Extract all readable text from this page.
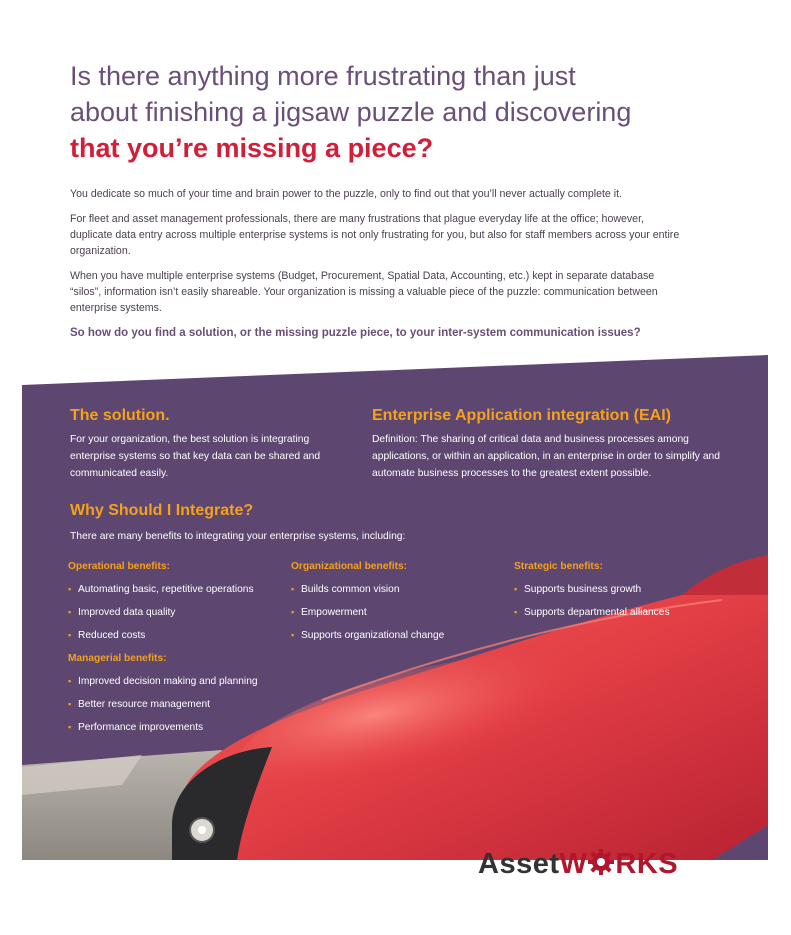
Is there anything more frustrating than just
about finishing a jigsaw puzzle and discovering
that you’re missing a piece?

You dedicate so much of your time and brain power to the puzzle, only to find out that you’ll never actually complete it.

For fleet and asset management professionals, there are many frustrations that plague everyday life at the office; however, duplicate data entry across multiple enterprise systems is not only frustrating for you, but also for staff members across your entire organization.

When you have multiple enterprise systems (Budget, Procurement, Spatial Data, Accounting, etc.) kept in separate database “silos”, information isn’t easily shareable. Your organization is missing a valuable piece of the puzzle: communication between enterprise systems.

So how do you find a solution, or the missing puzzle piece, to your inter-system communication issues?

The solution.

For your organization, the best solution is integrating enterprise systems so that key data can be shared and communicated easily.

Enterprise Application integration (EAI)

Definition: The sharing of critical data and business processes among applications, or within an application, in an enterprise in order to simplify and automate business processes to the greatest extent possible.

Why Should I Integrate?

There are many benefits to integrating your enterprise systems, including:

Operational benefits:

▪ Automating basic, repetitive operations
▪ Improved data quality
▪ Reduced costs

Organizational benefits:

▪ Builds common vision
▪ Empowerment
▪ Supports organizational change

Strategic benefits:

▪ Supports business growth
▪ Supports departmental alliances

Managerial benefits:

▪ Improved decision making and planning
▪ Better resource management
▪ Performance improvements
AssetW RKS
